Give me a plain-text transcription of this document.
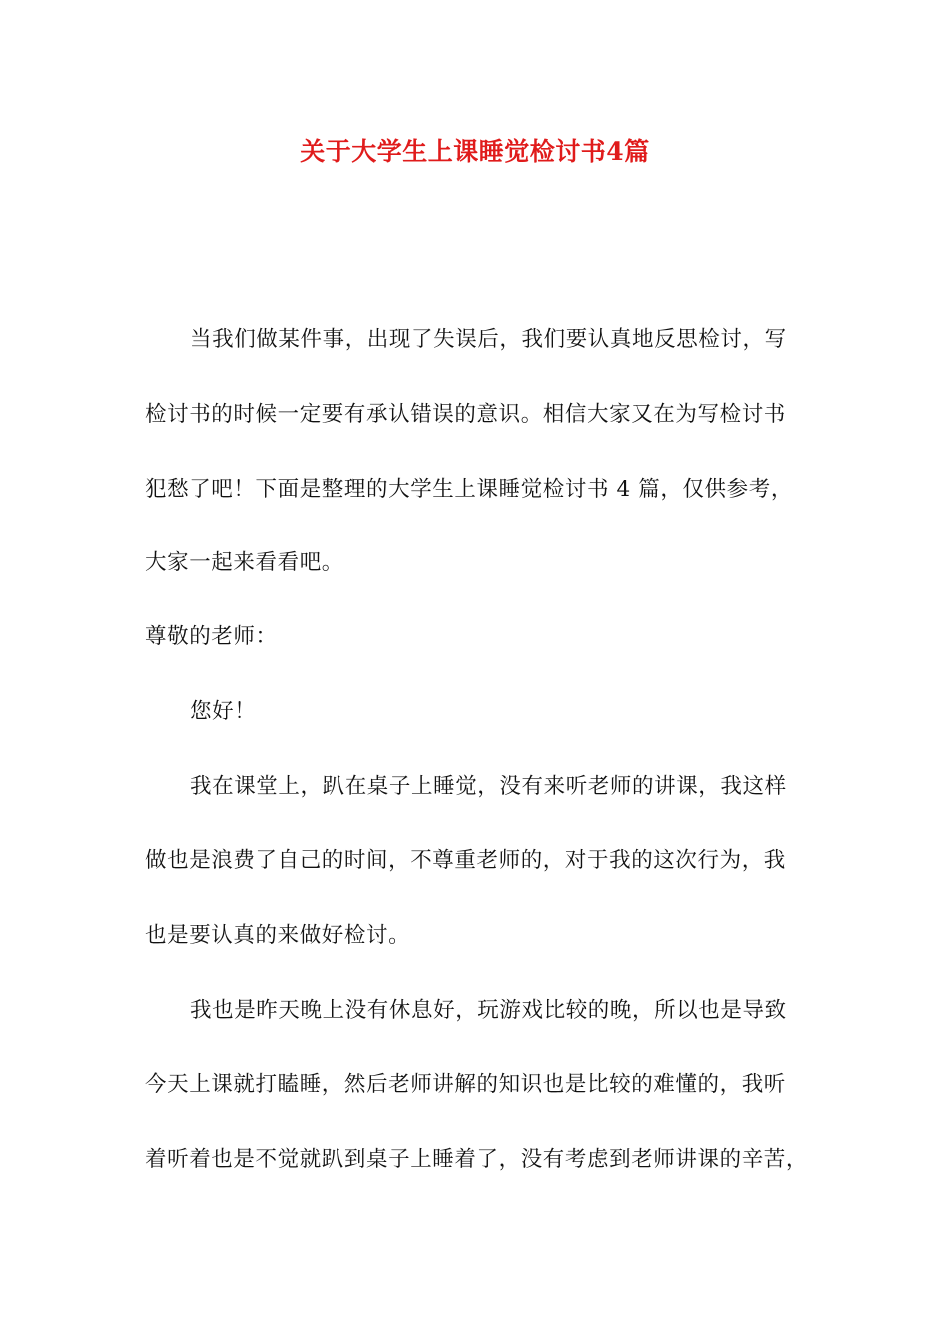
关于大学生上课睡觉检讨书4篇
当我们做某件事，出现了失误后，我们要认真地反思检讨，写
检讨书的时候一定要有承认错误的意识。相信大家又在为写检讨书
犯愁了吧！下面是整理的大学生上课睡觉检讨书 4 篇，仅供参考，
大家一起来看看吧。
尊敬的老师：
您好！
我在课堂上，趴在桌子上睡觉，没有来听老师的讲课，我这样
做也是浪费了自己的时间，不尊重老师的，对于我的这次行为，我
也是要认真的来做好检讨。
我也是昨天晚上没有休息好，玩游戏比较的晚，所以也是导致
今天上课就打瞌睡，然后老师讲解的知识也是比较的难懂的，我听
着听着也是不觉就趴到桌子上睡着了，没有考虑到老师讲课的辛苦，
